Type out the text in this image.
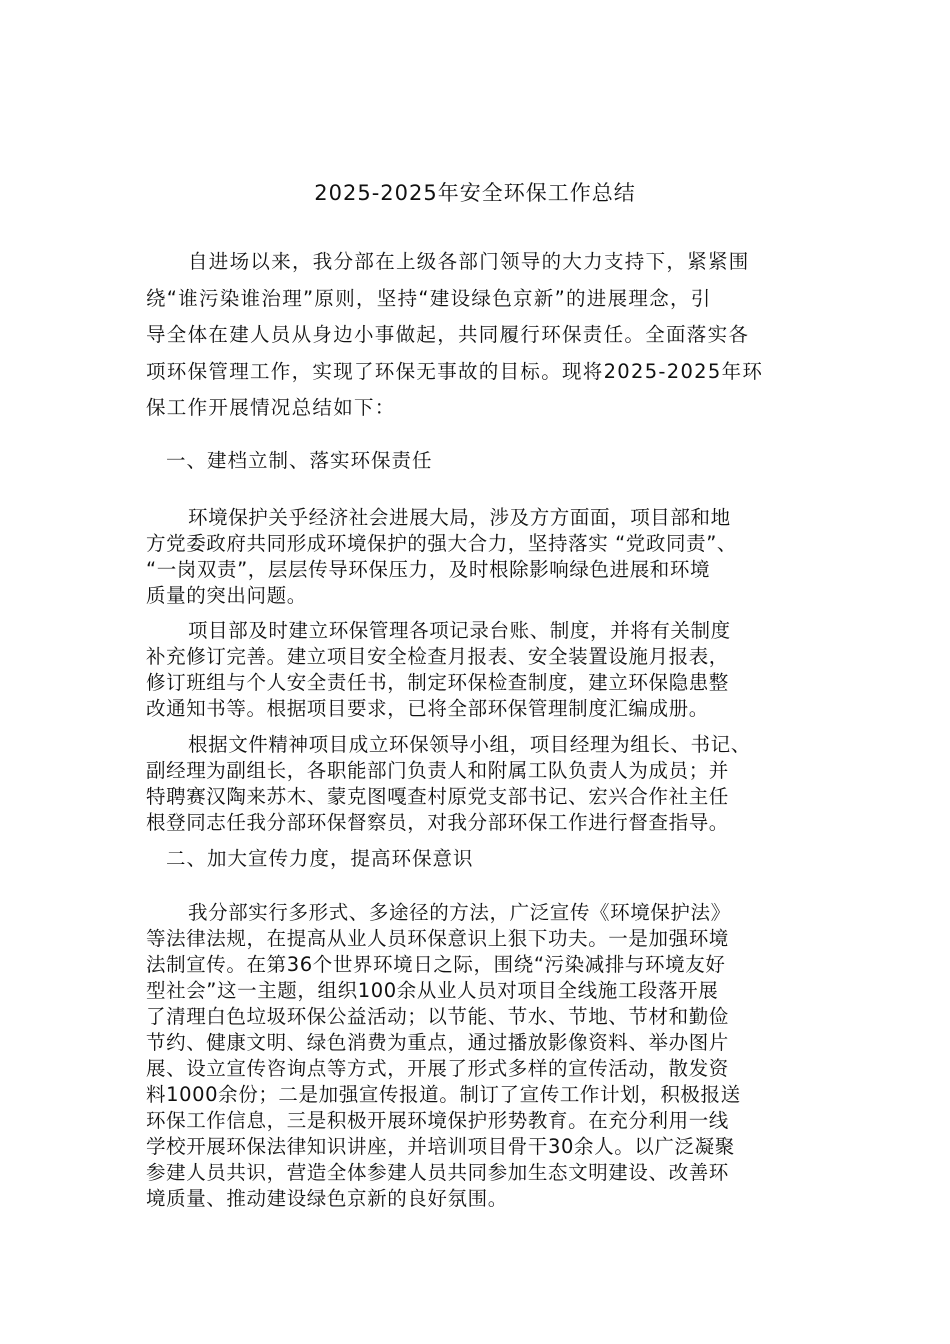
2025-2025年安全环保工作总结

自进场以来，我分部在上级各部门领导的大力支持下，紧紧围
绕“谁污染谁治理”原则，坚持“建设绿色京新”的进展理念，引
导全体在建人员从身边小事做起，共同履行环保责任。全面落实各
项环保管理工作，实现了环保无事故的目标。现将2025-2025年环
保工作开展情况总结如下：

一、建档立制、落实环保责任
环境保护关乎经济社会进展大局，涉及方方面面，项目部和地
方党委政府共同形成环境保护的强大合力，坚持落实 “党政同责”、
“一岗双责”，层层传导环保压力，及时根除影响绿色进展和环境
质量的突出问题。
项目部及时建立环保管理各项记录台账、制度，并将有关制度
补充修订完善。建立项目安全检查月报表、安全装置设施月报表，
修订班组与个人安全责任书，制定环保检查制度，建立环保隐患整
改通知书等。根据项目要求，已将全部环保管理制度汇编成册。
根据文件精神项目成立环保领导小组，项目经理为组长、书记、
副经理为副组长，各职能部门负责人和附属工队负责人为成员；并
特聘赛汉陶来苏木、蒙克图嘎查村原党支部书记、宏兴合作社主任
根登同志任我分部环保督察员，对我分部环保工作进行督查指导。
二、加大宣传力度，提高环保意识
我分部实行多形式、多途径的方法，广泛宣传《环境保护法》
等法律法规，在提高从业人员环保意识上狠下功夫。一是加强环境
法制宣传。在第36个世界环境日之际，围绕“污染减排与环境友好
型社会”这一主题，组织100余从业人员对项目全线施工段落开展
了清理白色垃圾环保公益活动；以节能、节水、节地、节材和勤俭
节约、健康文明、绿色消费为重点，通过播放影像资料、举办图片
展、设立宣传咨询点等方式，开展了形式多样的宣传活动，散发资
料1000余份；二是加强宣传报道。制订了宣传工作计划，积极报送
环保工作信息，三是积极开展环境保护形势教育。在充分利用一线
学校开展环保法律知识讲座，并培训项目骨干30余人。以广泛凝聚
参建人员共识，营造全体参建人员共同参加生态文明建设、改善环
境质量、推动建设绿色京新的良好氛围。
